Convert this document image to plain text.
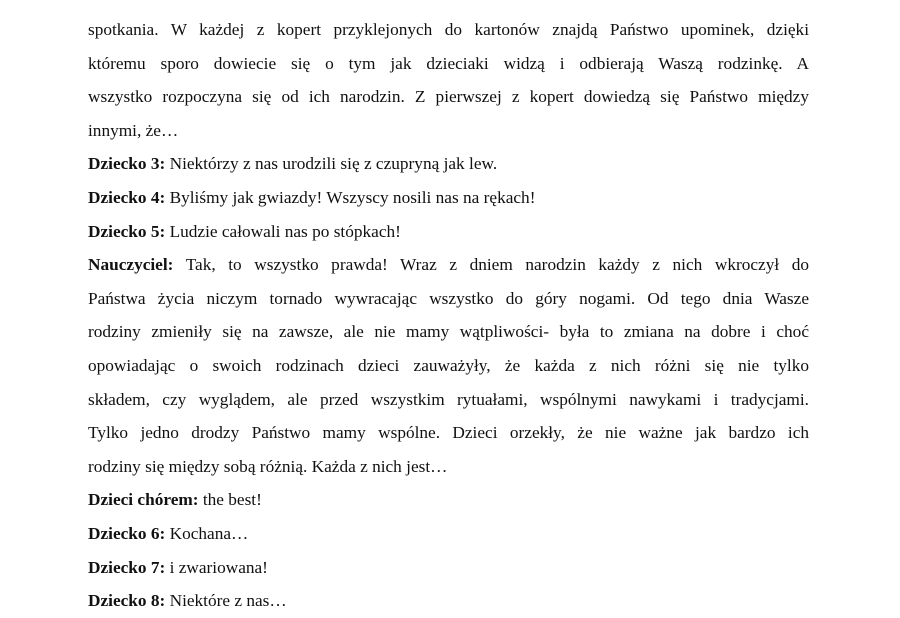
spotkania. W każdej z kopert przyklejonych do kartonów znajdą Państwo upominek, dzięki
któremu sporo dowiecie się o tym jak dzieciaki widzą i odbierają Waszą rodzinkę. A
wszystko rozpoczyna się od ich narodzin. Z pierwszej z kopert dowiedzą się Państwo między
innymi, że…
Dziecko 3: Niektórzy z nas urodzili się z czupryną jak lew.
Dziecko 4: Byliśmy jak gwiazdy! Wszyscy nosili nas na rękach!
Dziecko 5: Ludzie całowali nas po stópkach!
Nauczyciel: Tak, to wszystko prawda! Wraz z dniem narodzin każdy z nich wkroczył do
Państwa życia niczym tornado wywracając wszystko do góry nogami. Od tego dnia Wasze
rodziny zmieniły się na zawsze, ale nie mamy wątpliwości- była to zmiana na dobre i choć
opowiadając o swoich rodzinach dzieci zauważyły, że każda z nich różni się nie tylko
składem, czy wyglądem, ale przed wszystkim rytuałami, wspólnymi nawykami i tradycjami.
Tylko jedno drodzy Państwo mamy wspólne. Dzieci orzekły, że nie ważne jak bardzo ich
rodziny się między sobą różnią. Każda z nich jest…
Dzieci chórem: the best!
Dziecko 6: Kochana…
Dziecko 7: i zwariowana!
Dziecko 8: Niektóre z nas…
